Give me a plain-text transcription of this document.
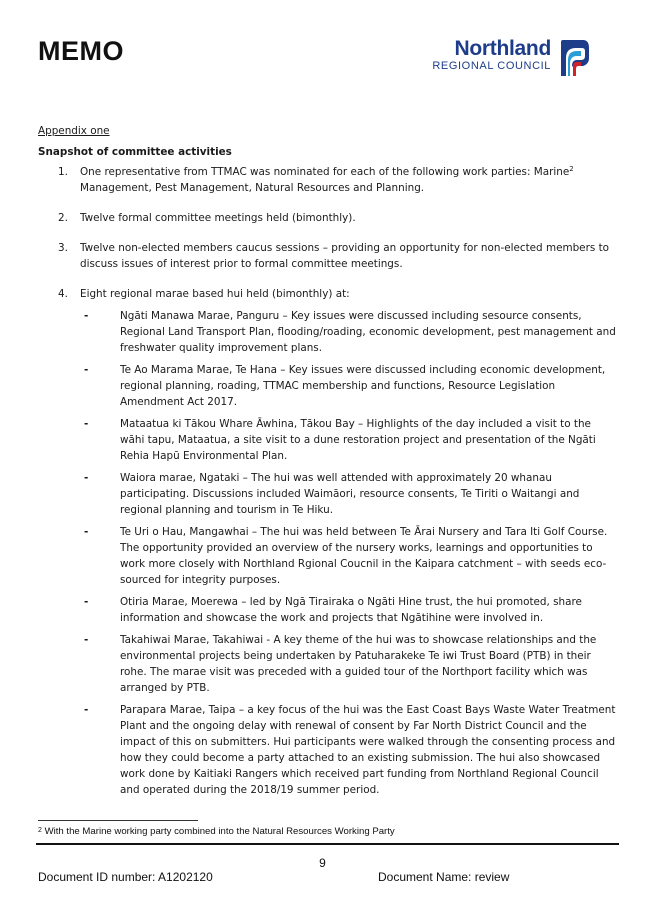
MEMO	Northland
REGIONAL COUNCIL

Appendix one

Snapshot of committee activities

1. One representative from TTMAC was nominated for each of the following work parties: Marine$^2$ Management, Pest Management, Natural Resources and Planning.
2. Twelve formal committee meetings held (bimonthly).
3. Twelve non-elected members caucus sessions – providing an opportunity for non-elected members to discuss issues of interest prior to formal committee meetings.
4. Eight regional marae based hui held (bimonthly) at:
-	Ngāti Manawa Marae, Panguru – Key issues were discussed including sesource consents, Regional Land Transport Plan, flooding/roading, economic development, pest management and freshwater quality improvement plans.
-	Te Ao Marama Marae, Te Hana – Key issues were discussed including economic development, regional planning, roading, TTMAC membership and functions, Resource Legislation Amendment Act 2017.
-	Mataatua ki Tākou Whare Āwhina, Tākou Bay – Highlights of the day included a visit to the wāhi tapu, Mataatua, a site visit to a dune restoration project and presentation of the Ngāti Rehia Hapū Environmental Plan.
-	Waiora marae, Ngataki – The hui was well attended with approximately 20 whanau participating. Discussions included Waimāori, resource consents, Te Tiriti o Waitangi and regional planning and tourism in Te Hiku.
-	Te Uri o Hau, Mangawhai – The hui was held between Te Ārai Nursery and Tara Iti Golf Course. The opportunity provided an overview of the nursery works, learnings and opportunities to work more closely with Northland Rgional Coucnil in the Kaipara catchment – with seeds eco-sourced for integrity purposes.
-	Otiria Marae, Moerewa – led by Ngā Tirairaka o Ngāti Hine trust, the hui promoted, share information and showcase the work and projects that Ngātihine were involved in.
-	Takahiwai Marae, Takahiwai - A key theme of the hui was to showcase relationships and the environmental projects being undertaken by Patuharakeke Te iwi Trust Board (PTB) in their rohe. The marae visit was preceded with a guided tour of the Northport facility which was arranged by PTB.
-	Parapara Marae, Taipa – a key focus of the hui was the East Coast Bays Waste Water Treatment Plant and the ongoing delay with renewal of consent by Far North District Council and the impact of this on submitters. Hui participants were walked through the consenting process and how they could become a party attached to an existing submission. The hui also showcased work done by Kaitiaki Rangers which received part funding from Northland Regional Council and operated during the 2018/19 summer period.
$^2$ With the Marine working party combined into the Natural Resources Working Party
9
Document ID number: A1202120	Document Name: review
